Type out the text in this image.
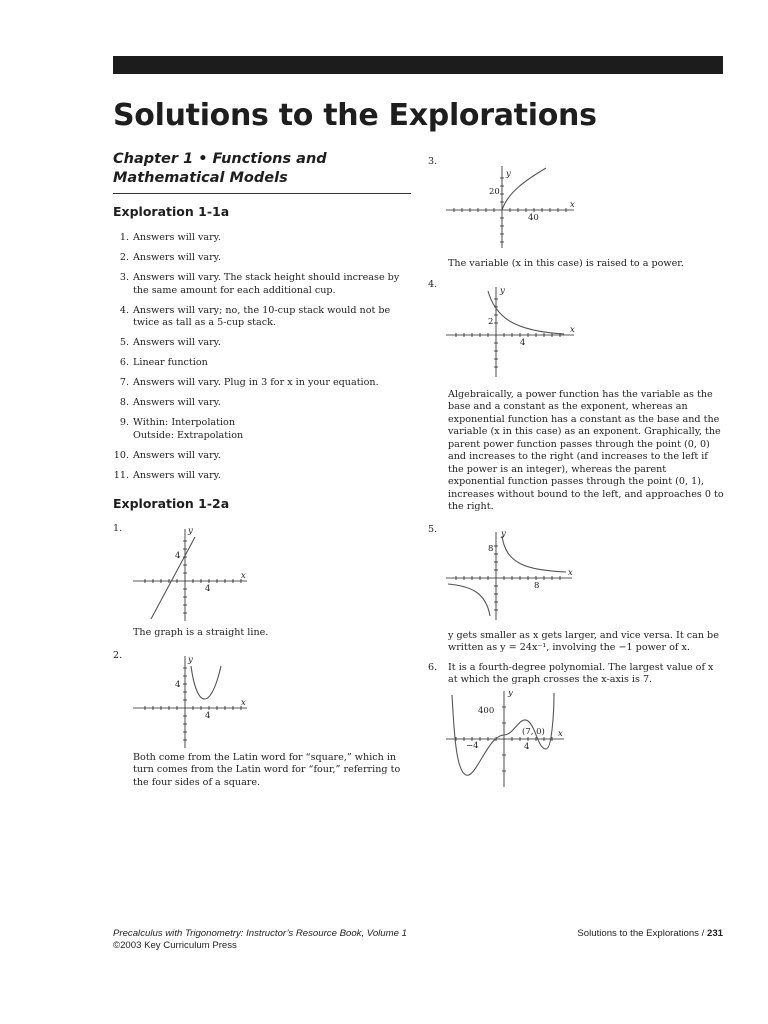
Solutions to the Explorations
Chapter 1 • Functions and Mathematical Models
Exploration 1-1a
1. Answers will vary.
2. Answers will vary.
3. Answers will vary. The stack height should increase by the same amount for each additional cup.
4. Answers will vary; no, the 10-cup stack would not be twice as tall as a 5-cup stack.
5. Answers will vary.
6. Linear function
7. Answers will vary. Plug in 3 for x in your equation.
8. Answers will vary.
9. Within: Interpolation
Outside: Extrapolation
10. Answers will vary.
11. Answers will vary.
Exploration 1-2a
1.	y
x
4
4

The graph is a straight line.

2.	y
x
4
4

Both come from the Latin word for “square,” which in turn comes from the Latin word for “four,” referring to the four sides of a square.

3.
y
x
20
40

The variable (x in this case) is raised to a power.

4.
y
x
2
4

Algebraically, a power function has the variable as the base and a constant as the exponent, whereas an exponential function has a constant as the base and the variable (x in this case) as an exponent. Graphically, the parent power function passes through the point (0, 0) and increases to the right (and increases to the left if the power is an integer), whereas the parent exponential function passes through the point (0, 1), increases without bound to the left, and approaches 0 to the right.

5.	y
x
8
8

y gets smaller as x gets larger, and vice versa. It can be written as y = 24x⁻¹, involving the −1 power of x.

6. It is a fourth-degree polynomial. The largest value of x at which the graph crosses the x-axis is 7.

y
x
400
−4	4
(7, 0)
Precalculus with Trigonometry: Instructor’s Resource Book, Volume 1
©2003 Key Curriculum Press
Solutions to the Explorations / 231
